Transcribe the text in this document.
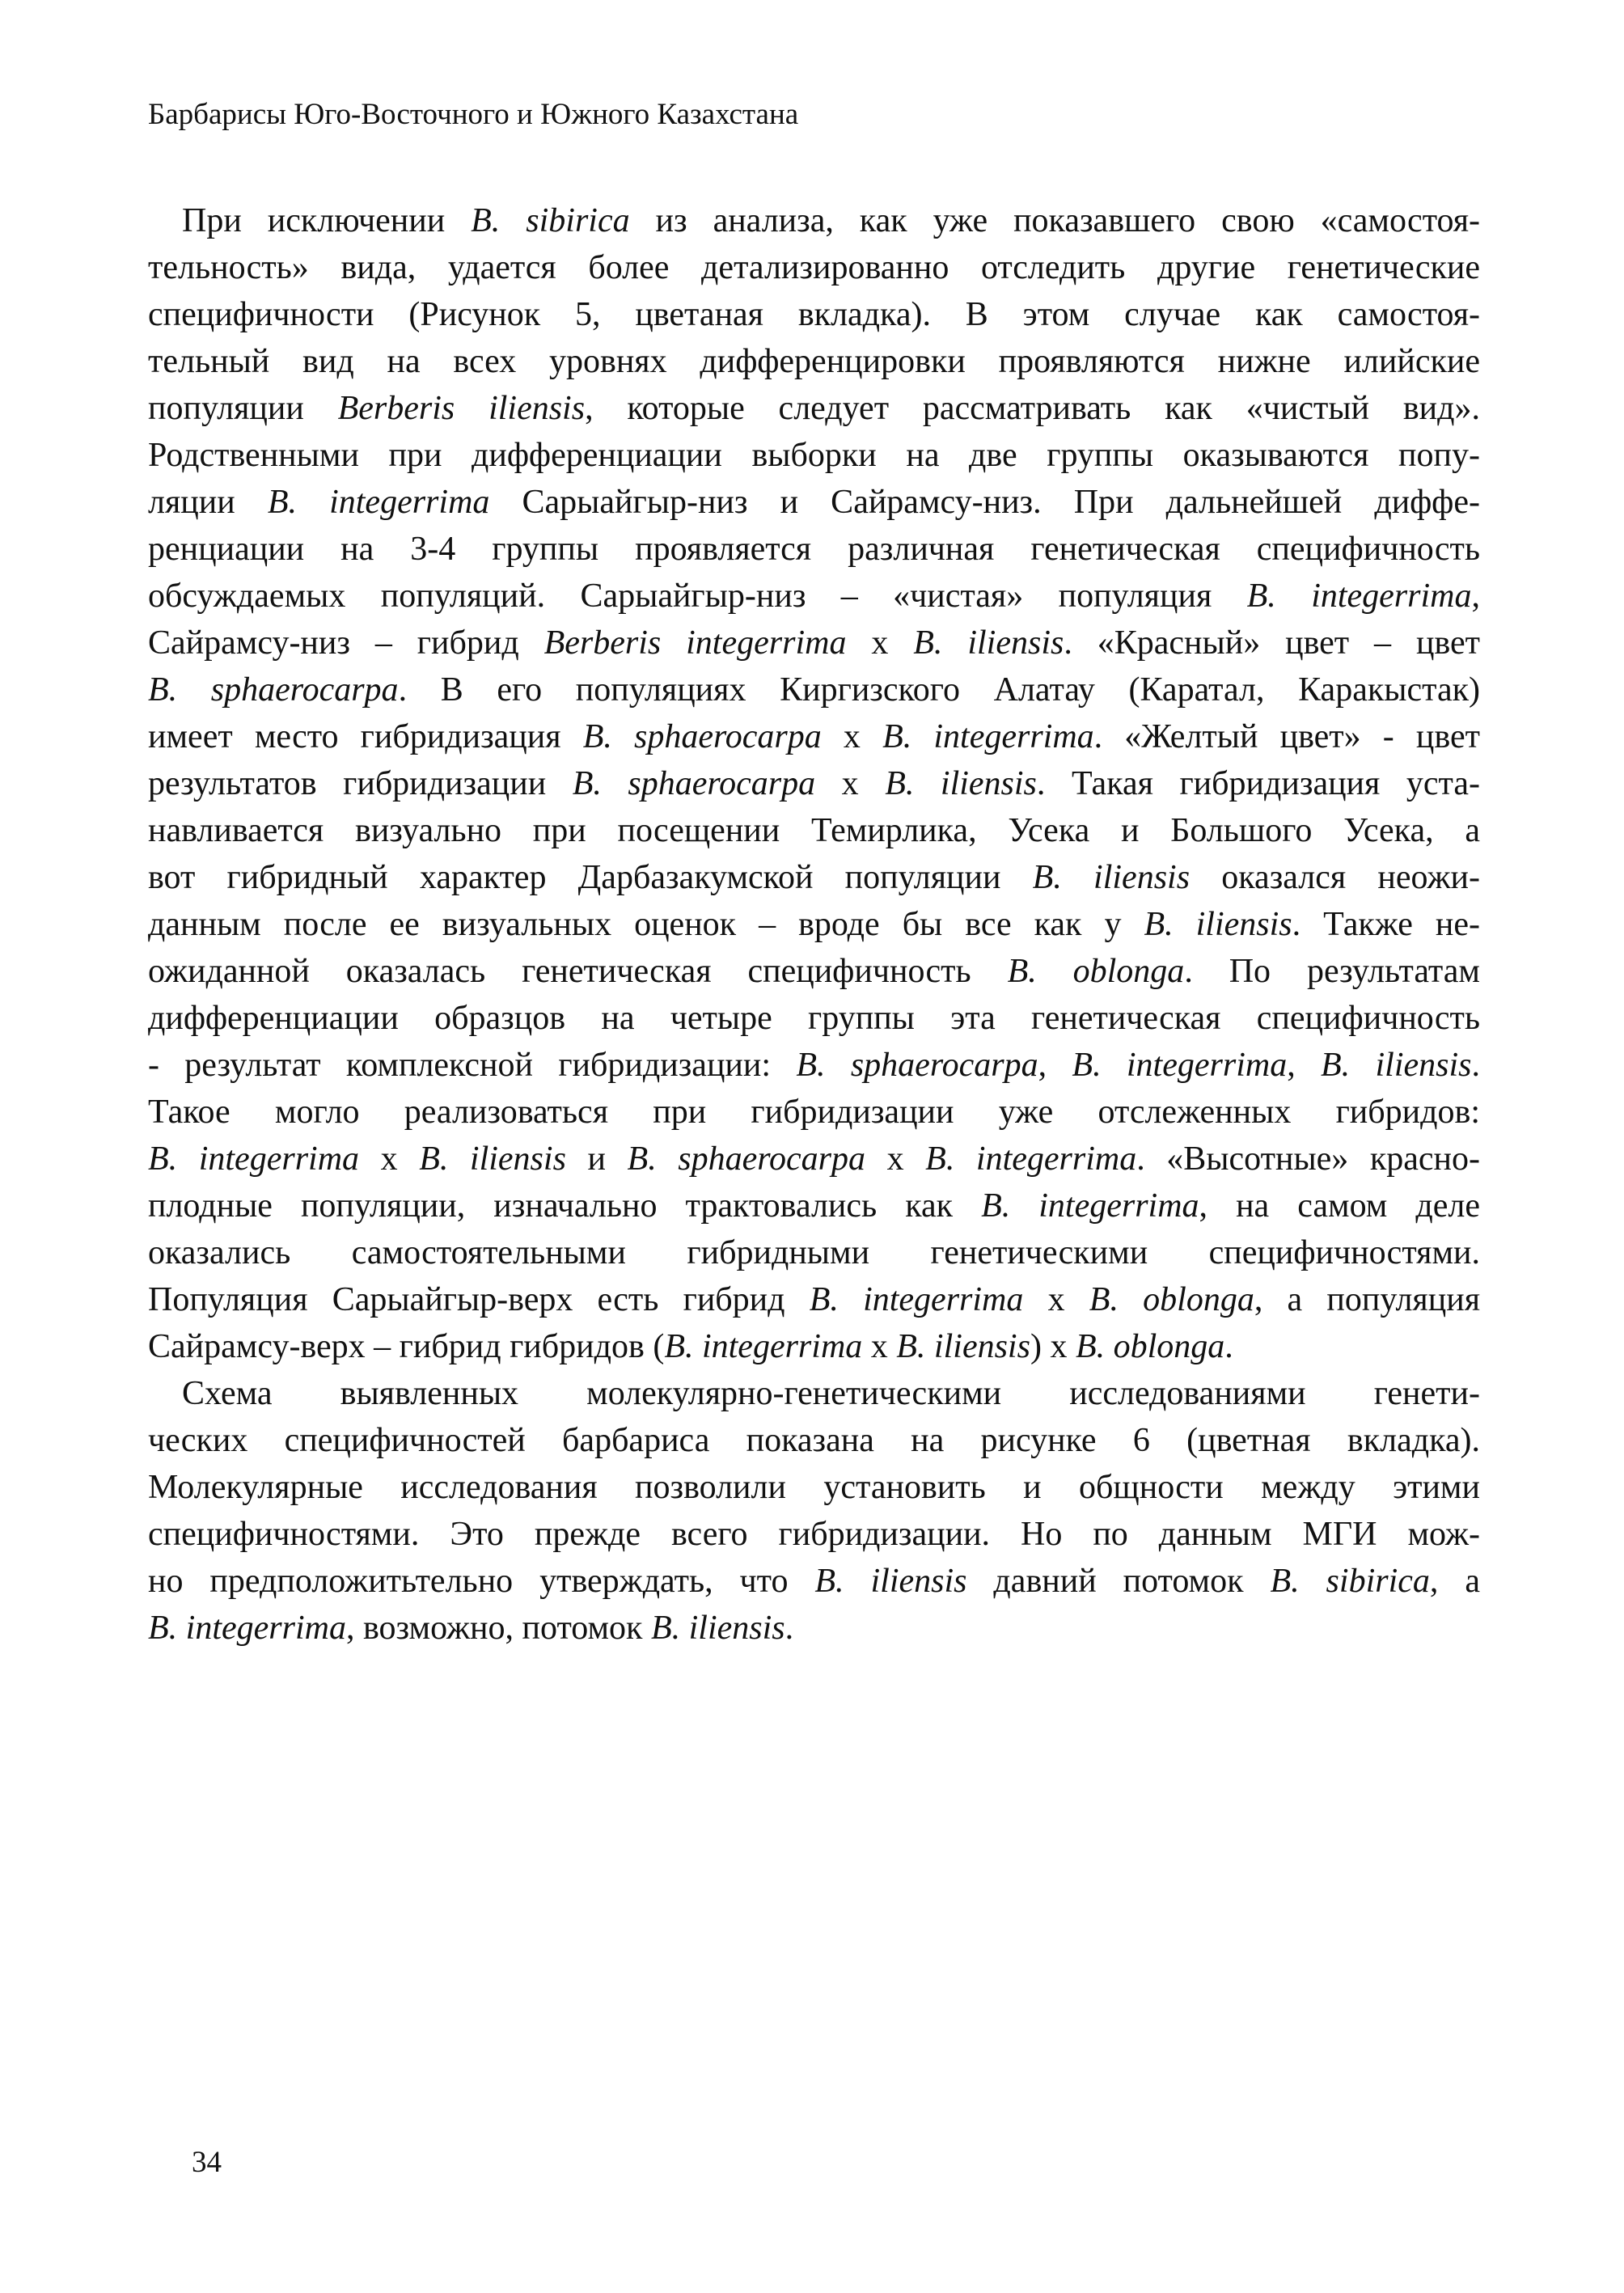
Барбарисы Юго-Восточного и Южного Казахстана
При исключении B. sibirica из анализа, как уже показавшего свою «самостоя-
тельность» вида, удается более детализированно отследить другие генетические
специфичности (Рисунок 5, цветаная вкладка). В этом случае как самостоя-
тельный вид на всех уровнях дифференцировки проявляются нижне илийские
популяции Berberis iliensis, которые следует рассматривать как «чистый вид».
Родственными при дифференциации выборки на две группы оказываются попу-
ляции B. integerrima Сарыайгыр-низ и Сайрамсу-низ. При дальнейшей диффе-
ренциации на 3-4 группы проявляется различная генетическая специфичность
обсуждаемых популяций. Сарыайгыр-низ – «чистая» популяция B. integerrima,
Сайрамсу-низ – гибрид Berberis integerrima x B. iliensis. «Красный» цвет – цвет
B. sphaerocarpa. В его популяциях Киргизского Алатау (Каратал, Каракыстак)
имеет место гибридизация B. sphaerocarpa x B. integerrima. «Желтый цвет» - цвет
результатов гибридизации B. sphaerocarpa x B. iliensis. Такая гибридизация уста-
навливается визуально при посещении Темирлика, Усека и Большого Усека, а
вот гибридный характер Дарбазакумской популяции B. iliensis оказался неожи-
данным после ее визуальных оценок – вроде бы все как у B. iliensis. Также не-
ожиданной оказалась генетическая специфичность B. oblonga. По результатам
дифференциации образцов на четыре группы эта генетическая специфичность
- результат комплексной гибридизации: B. sphaerocarpa, B. integerrima, B. iliensis.
Такое могло реализоваться при гибридизации уже отслеженных гибридов:
B. integerrima x B. iliensis и B. sphaerocarpa x B. integerrima. «Высотные» красно-
плодные популяции, изначально трактовались как B. integerrima, на самом деле
оказались самостоятельными гибридными генетическими специфичностями.
Популяция Сарыайгыр-верх есть гибрид B. integerrima x B. oblonga, а популяция
Сайрамсу-верх – гибрид гибридов (B. integerrima x B. iliensis) x B. oblonga.
Схема выявленных молекулярно-генетическими исследованиями генети-
ческих специфичностей барбариса показана на рисунке 6 (цветная вкладка).
Молекулярные исследования позволили установить и общности между этими
специфичностями. Это прежде всего гибридизации. Но по данным МГИ мож-
но предположитьтельно утверждать, что B. iliensis давний потомок B. sibirica, а
B. integerrima, возможно, потомок B. iliensis.
34
